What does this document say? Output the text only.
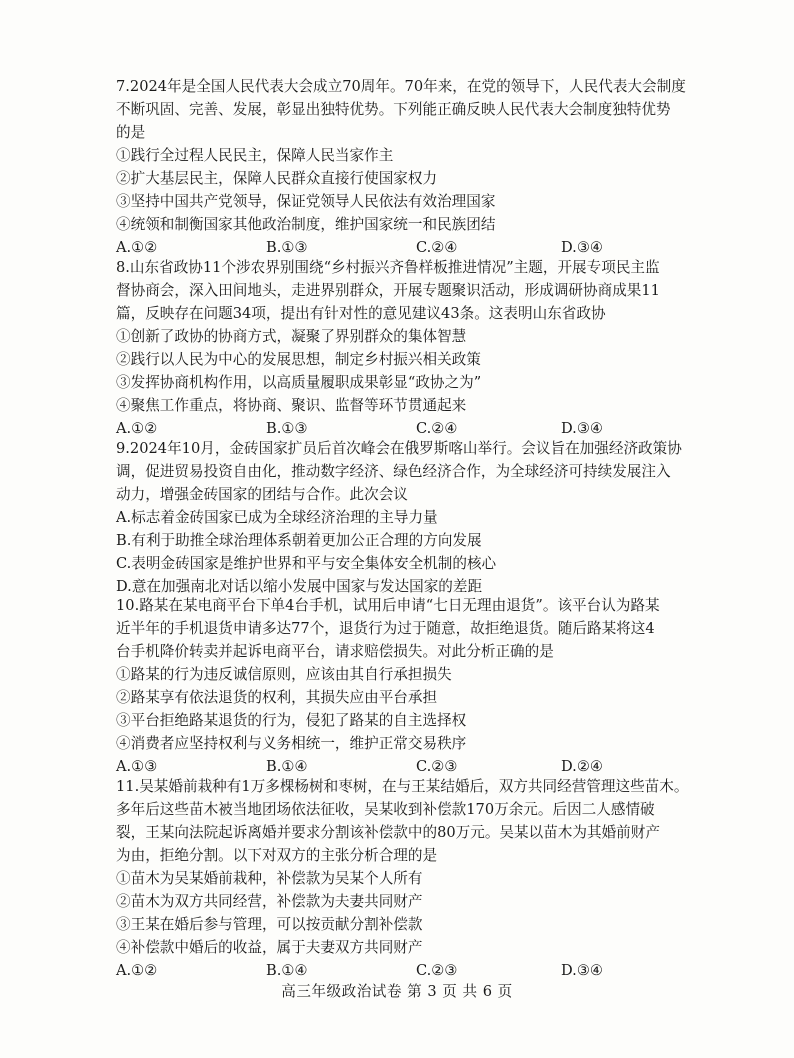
7.2024年是全国人民代表大会成立70周年。70年来，在党的领导下，人民代表大会制度
不断巩固、完善、发展，彰显出独特优势。下列能正确反映人民代表大会制度独特优势
的是
①践行全过程人民民主，保障人民当家作主
②扩大基层民主，保障人民群众直接行使国家权力
③坚持中国共产党领导，保证党领导人民依法有效治理国家
④统领和制衡国家其他政治制度，维护国家统一和民族团结
A.①②	B.①③	C.②④	D.③④
8.山东省政协11个涉农界别围绕“乡村振兴齐鲁样板推进情况”主题，开展专项民主监
督协商会，深入田间地头，走进界别群众，开展专题聚识活动，形成调研协商成果11
篇，反映存在问题34项，提出有针对性的意见建议43条。这表明山东省政协
①创新了政协的协商方式，凝聚了界别群众的集体智慧
②践行以人民为中心的发展思想，制定乡村振兴相关政策
③发挥协商机构作用，以高质量履职成果彰显“政协之为”
④聚焦工作重点，将协商、聚识、监督等环节贯通起来
A.①②	B.①③	C.②④	D.③④
9.2024年10月，金砖国家扩员后首次峰会在俄罗斯喀山举行。会议旨在加强经济政策协
调，促进贸易投资自由化，推动数字经济、绿色经济合作，为全球经济可持续发展注入
动力，增强金砖国家的团结与合作。此次会议
A.标志着金砖国家已成为全球经济治理的主导力量
B.有利于助推全球治理体系朝着更加公正合理的方向发展
C.表明金砖国家是维护世界和平与安全集体安全机制的核心
D.意在加强南北对话以缩小发展中国家与发达国家的差距
10.路某在某电商平台下单4台手机，试用后申请“七日无理由退货”。该平台认为路某
近半年的手机退货申请多达77个，退货行为过于随意，故拒绝退货。随后路某将这4
台手机降价转卖并起诉电商平台，请求赔偿损失。对此分析正确的是
①路某的行为违反诚信原则，应该由其自行承担损失
②路某享有依法退货的权利，其损失应由平台承担
③平台拒绝路某退货的行为，侵犯了路某的自主选择权
④消费者应坚持权利与义务相统一，维护正常交易秩序
A.①③	B.①④	C.②③	D.②④
11.吴某婚前栽种有1万多棵杨树和枣树，在与王某结婚后，双方共同经营管理这些苗木。
多年后这些苗木被当地团场依法征收，吴某收到补偿款170万余元。后因二人感情破
裂，王某向法院起诉离婚并要求分割该补偿款中的80万元。吴某以苗木为其婚前财产
为由，拒绝分割。以下对双方的主张分析合理的是
①苗木为吴某婚前栽种，补偿款为吴某个人所有
②苗木为双方共同经营，补偿款为夫妻共同财产
③王某在婚后参与管理，可以按贡献分割补偿款
④补偿款中婚后的收益，属于夫妻双方共同财产
A.①②	B.①④	C.②③	D.③④
高三年级政治试卷 第 3 页 共 6 页
